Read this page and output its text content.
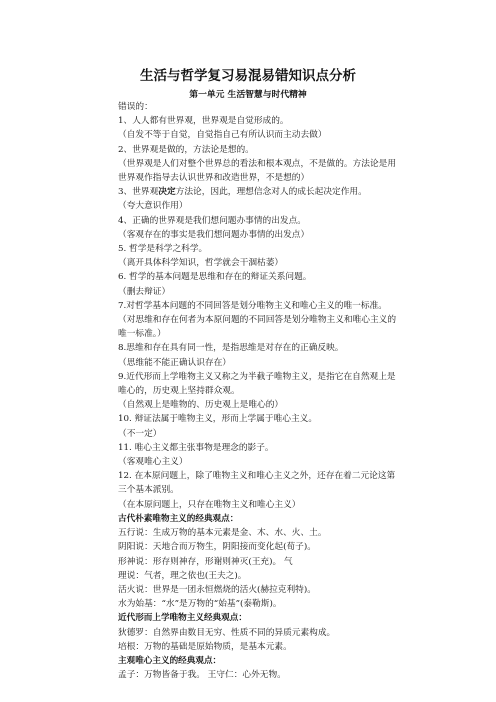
生活与哲学复习易混易错知识点分析
第一单元 生活智慧与时代精神
错误的：
1、人人都有世界观，世界观是自觉形成的。
（自发不等于自觉，自觉指自己有所认识而主动去做）
2、世界观是做的，方法论是想的。
（世界观是人们对整个世界总的看法和根本观点，不是做的。方法论是用世界观作指导去认识世界和改造世界，不是想的）
3、世界观决定方法论，因此，理想信念对人的成长起决定作用。
（夸大意识作用）
4、正确的世界观是我们想问题办事情的出发点。
（客观存在的事实是我们想问题办事情的出发点）
5. 哲学是科学之科学。
（离开具体科学知识，哲学就会干涸枯萎）
6. 哲学的基本问题是思维和存在的辩证关系问题。
（删去辩证）
7.对哲学基本问题的不同回答是划分唯物主义和唯心主义的唯一标准。
（对思维和存在何者为本原问题的不同回答是划分唯物主义和唯心主义的唯一标准。）
8.思维和存在具有同一性，是指思维是对存在的正确反映。
（思维能不能正确认识存在）
9.近代形而上学唯物主义又称之为半截子唯物主义，是指它在自然观上是唯心的，历史观上坚持群众观。
（自然观上是唯物的、历史观上是唯心的）
10. 辩证法属于唯物主义，形而上学属于唯心主义。
（不一定）
11. 唯心主义都主张事物是理念的影子。
（客观唯心主义）
12. 在本原问题上，除了唯物主义和唯心主义之外，还存在着二元论这第三个基本派别。
（在本原问题上，只存在唯物主义和唯心主义）
古代朴素唯物主义的经典观点：
五行说：生成万物的基本元素是金、木、水、火、土。
阴阳说：天地合而万物生，阴阳接而变化起(荀子)。
形神说：形存则神存，形谢则神灭(王充)。 气
理说：气者，理之依也(王夫之)。
活火说：世界是一团永恒燃烧的活火(赫拉克利特)。
水为始基：“水”是万物的“始基”(泰勒斯)。
近代形而上学唯物主义经典观点：
狄德罗：自然界由数目无穷、性质不同的异质元素构成。
培根：万物的基础是原始物质，是基本元素。
主观唯心主义的经典观点：
孟子：万物皆备于我。 王守仁：心外无物。
